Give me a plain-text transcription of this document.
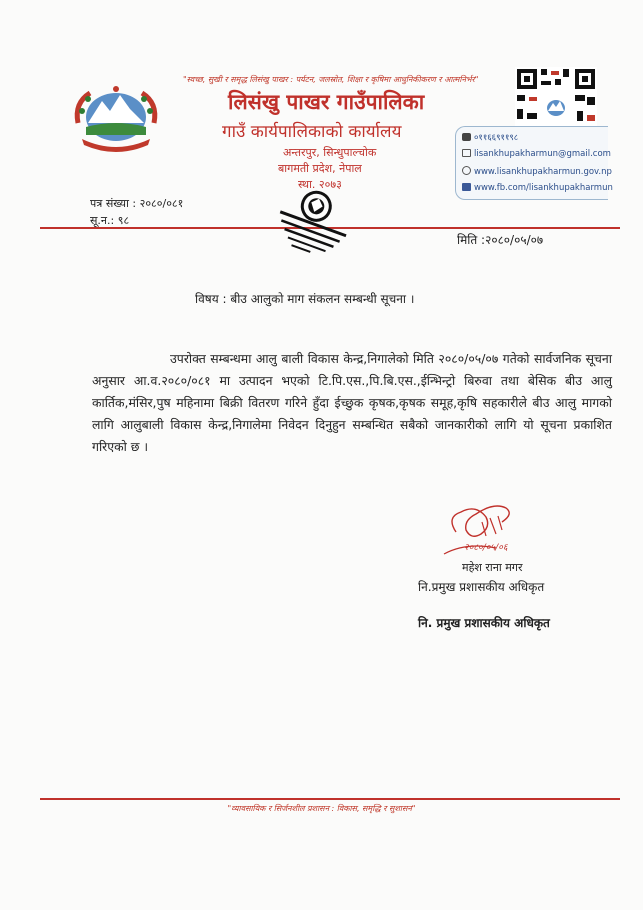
"स्वच्छ, सुखी र समृद्ध लिसंखु पाखर : पर्यटन, जलस्रोत, शिक्षा र कृषिमा आधुनिकीकरण र आत्मनिर्भर"
लिसंखु पाखर गाउँपालिका
गाउँ कार्यपालिकाको कार्यालय
अन्तरपुर, सिन्धुपाल्चोक
बागमती प्रदेश, नेपाल
स्था. २०७३
०११६६९११९८
lisankhupakharmun@gmail.com
www.lisankhupakharmun.gov.np
www.fb.com/lisankhupakharmun
पत्र संख्या : २०८०/०८१
सू.न.: ९८
मिति :२०८०/०५/०७
विषय : बीउ आलुको माग संकलन सम्बन्धी सूचना ।

उपरोक्त सम्बन्धमा आलु बाली विकास केन्द्र,निगालेको मिति २०८०/०५/०७ गतेको सार्वजनिक सूचना अनुसार आ.व.२०८०/०८१ मा उत्पादन भएको टि.पि.एस.,पि.बि.एस.,ईन्भिन्ट्रो बिरुवा तथा बेसिक बीउ आलु कार्तिक,मंसिर,पुष महिनामा बिक्री वितरण गरिने हुँदा ईच्छुक कृषक,कृषक समूह,कृषि सहकारीले बीउ आलु मागको लागि आलुबाली विकास केन्द्र,निगालेमा निवेदन दिनुहुन सम्बन्धित सबैको जानकारीको लागि यो सूचना प्रकाशित गरिएको छ ।

२०८०/०५/०६
महेश राना मगर
नि.प्रमुख प्रशासकीय अधिकृत
नि. प्रमुख प्रशासकीय अधिकृत
"व्यावसायिक र सिर्जनशील प्रशासन : विकास, समृद्धि र सुशासन"
